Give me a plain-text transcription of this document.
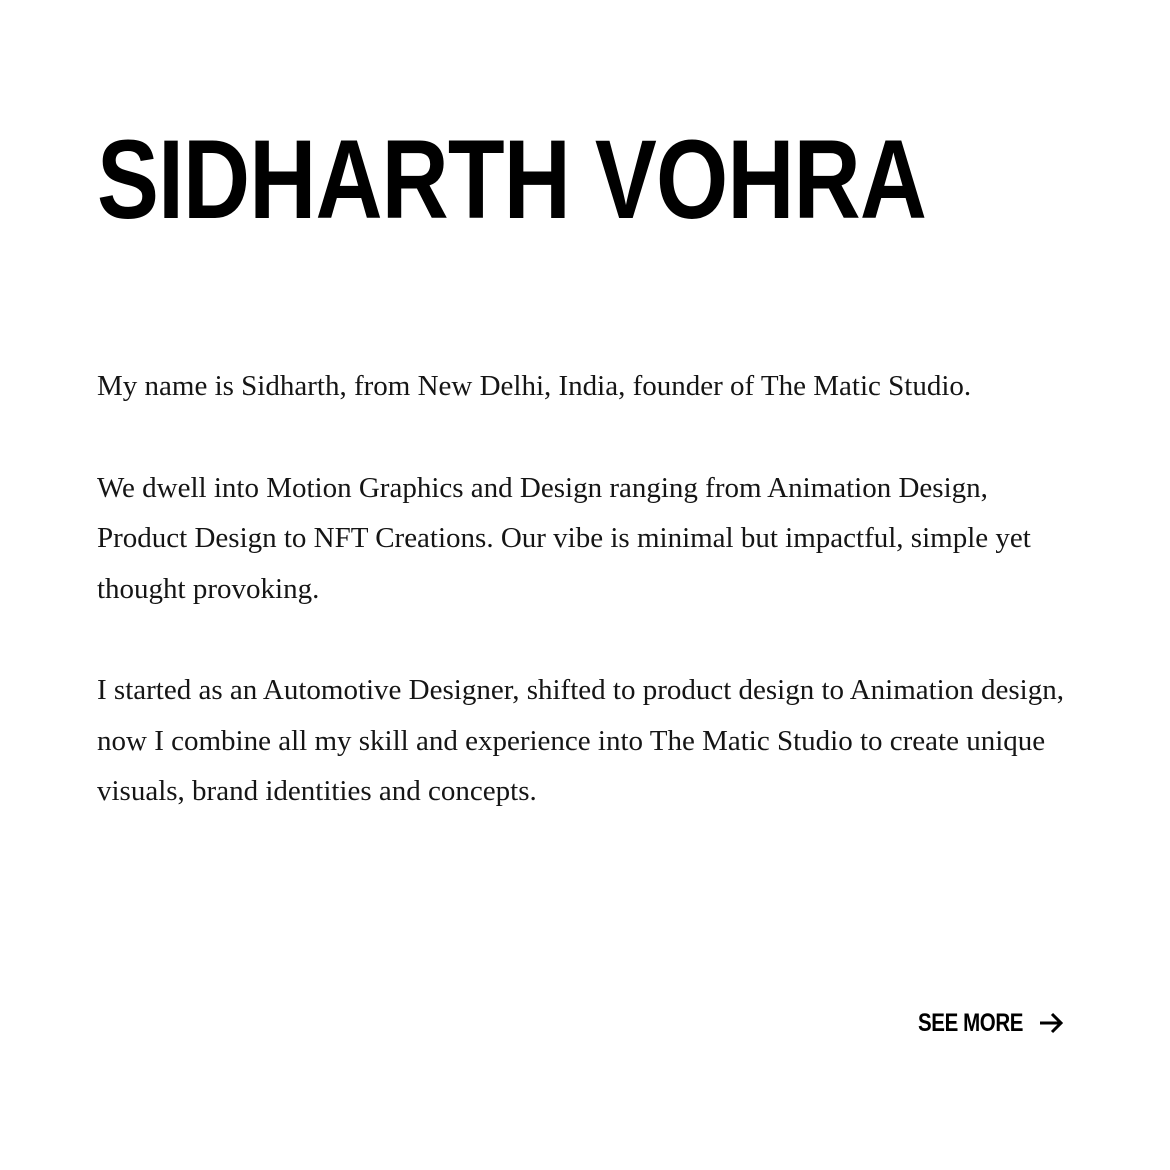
SIDHARTH VOHRA

My name is Sidharth, from New Delhi, India, founder of The Matic Studio.

We dwell into Motion Graphics and Design ranging from Animation Design, Product Design to NFT Creations. Our vibe is minimal but impactful, simple yet thought provoking.

I started as an Automotive Designer, shifted to product design to Animation design, now I combine all my skill and experience into The Matic Studio to create unique visuals, brand identities and concepts.

SEE MORE
